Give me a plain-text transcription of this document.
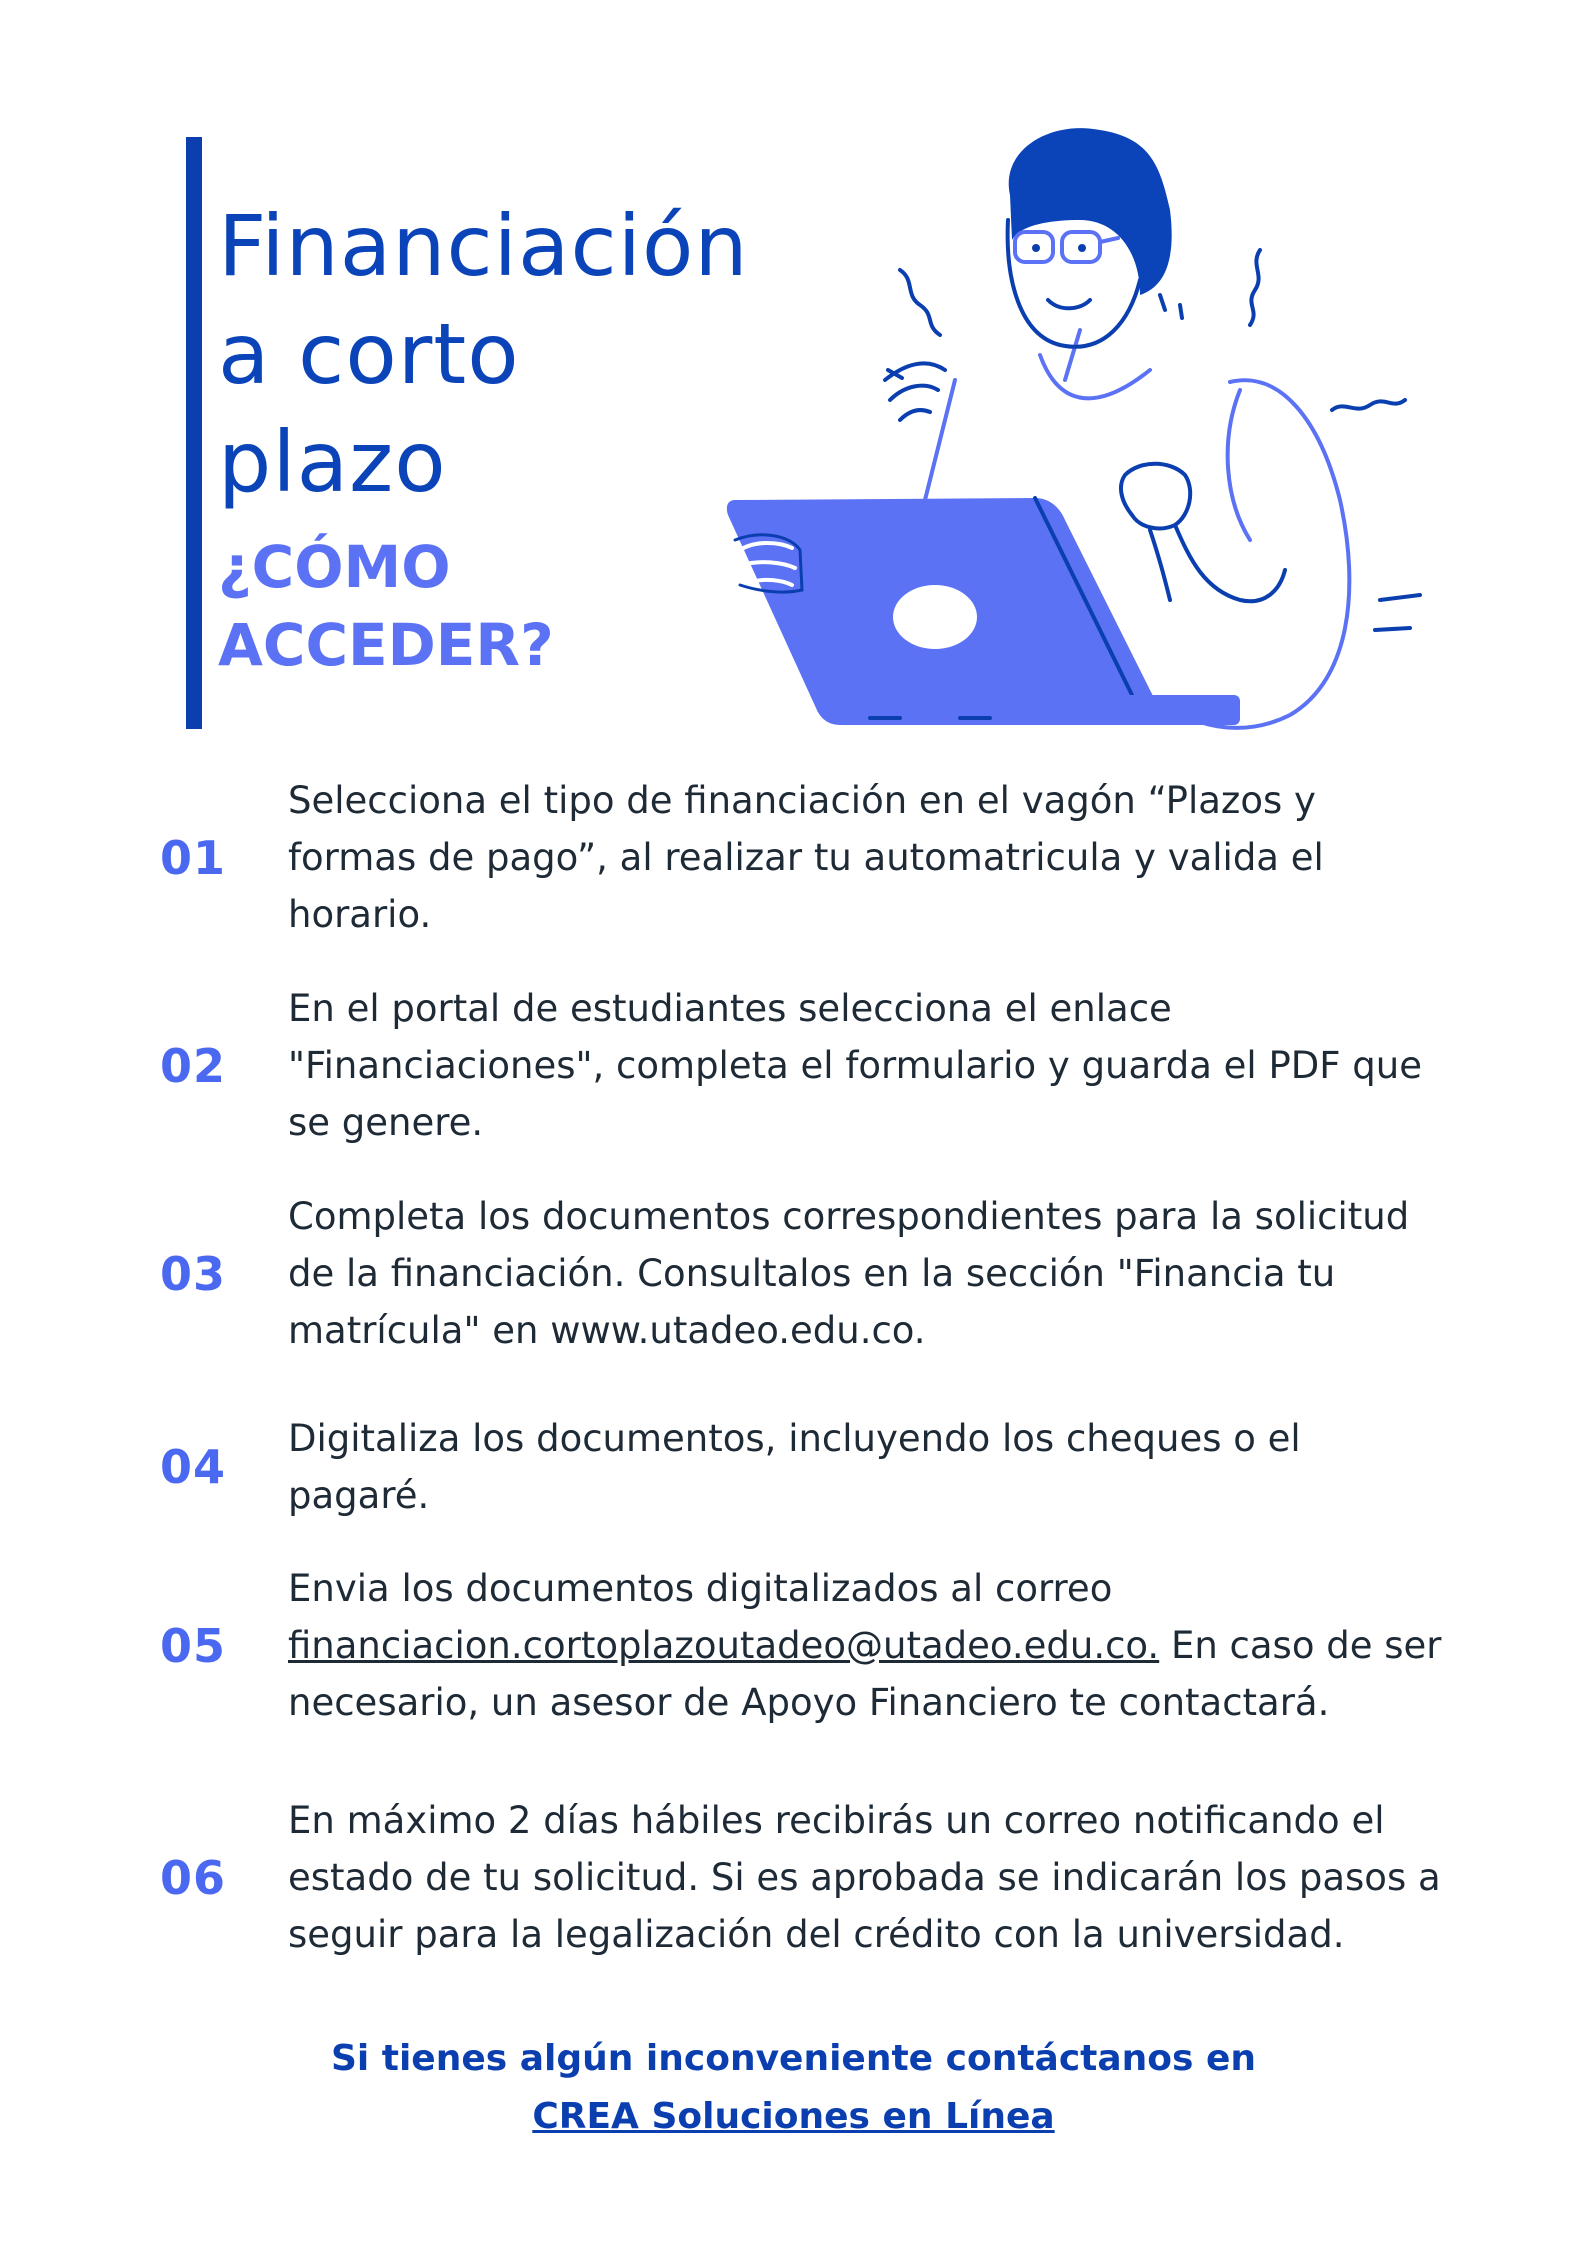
Financiación
a corto
plazo
¿CÓMO
ACCEDER?
01
Selecciona el tipo de financiación en el vagón “Plazos y formas de pago”, al realizar tu automatricula y valida el horario.
02
En el portal de estudiantes selecciona el enlace "Financiaciones", completa el formulario y guarda el PDF que se genere.
03
Completa los documentos correspondientes para la solicitud de la financiación. Consultalos en la sección "Financia tu matrícula" en www.utadeo.edu.co.
04
Digitaliza los documentos, incluyendo los cheques o el pagaré.
05
Envia los documentos digitalizados al correo financiacion.cortoplazoutadeo@utadeo.edu.co. En caso de ser necesario, un asesor de Apoyo Financiero te contactará.
06
En máximo 2 días hábiles recibirás un correo notificando el estado de tu solicitud. Si es aprobada se indicarán los pasos a seguir para la legalización del crédito con la universidad.
Si tienes algún inconveniente contáctanos en
CREA Soluciones en Línea
